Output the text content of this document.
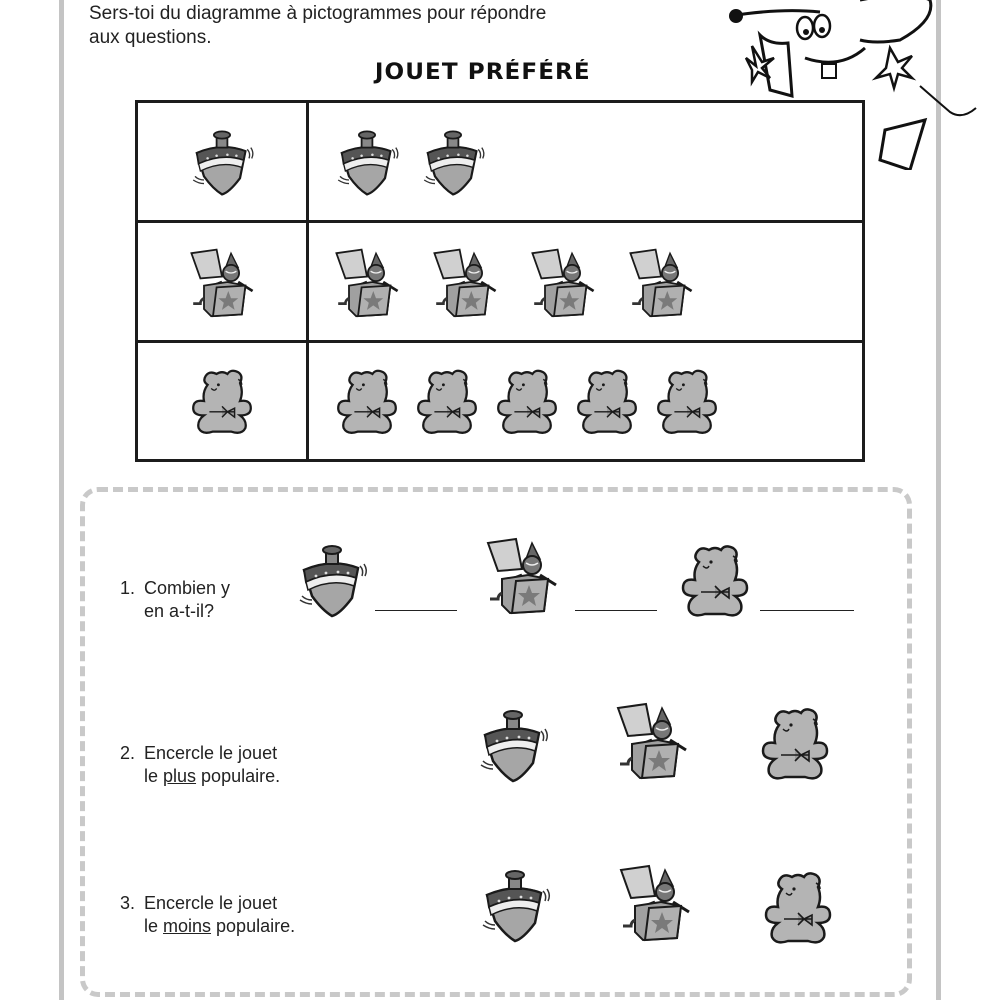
Sers-toi du diagramme à pictogrammes pour répondre
aux questions.
JOUET PRÉFÉRÉ
1. Combien y
en a-t-il?
2. Encercle le jouet
le plus populaire.
3. Encercle le jouet
le moins populaire.
